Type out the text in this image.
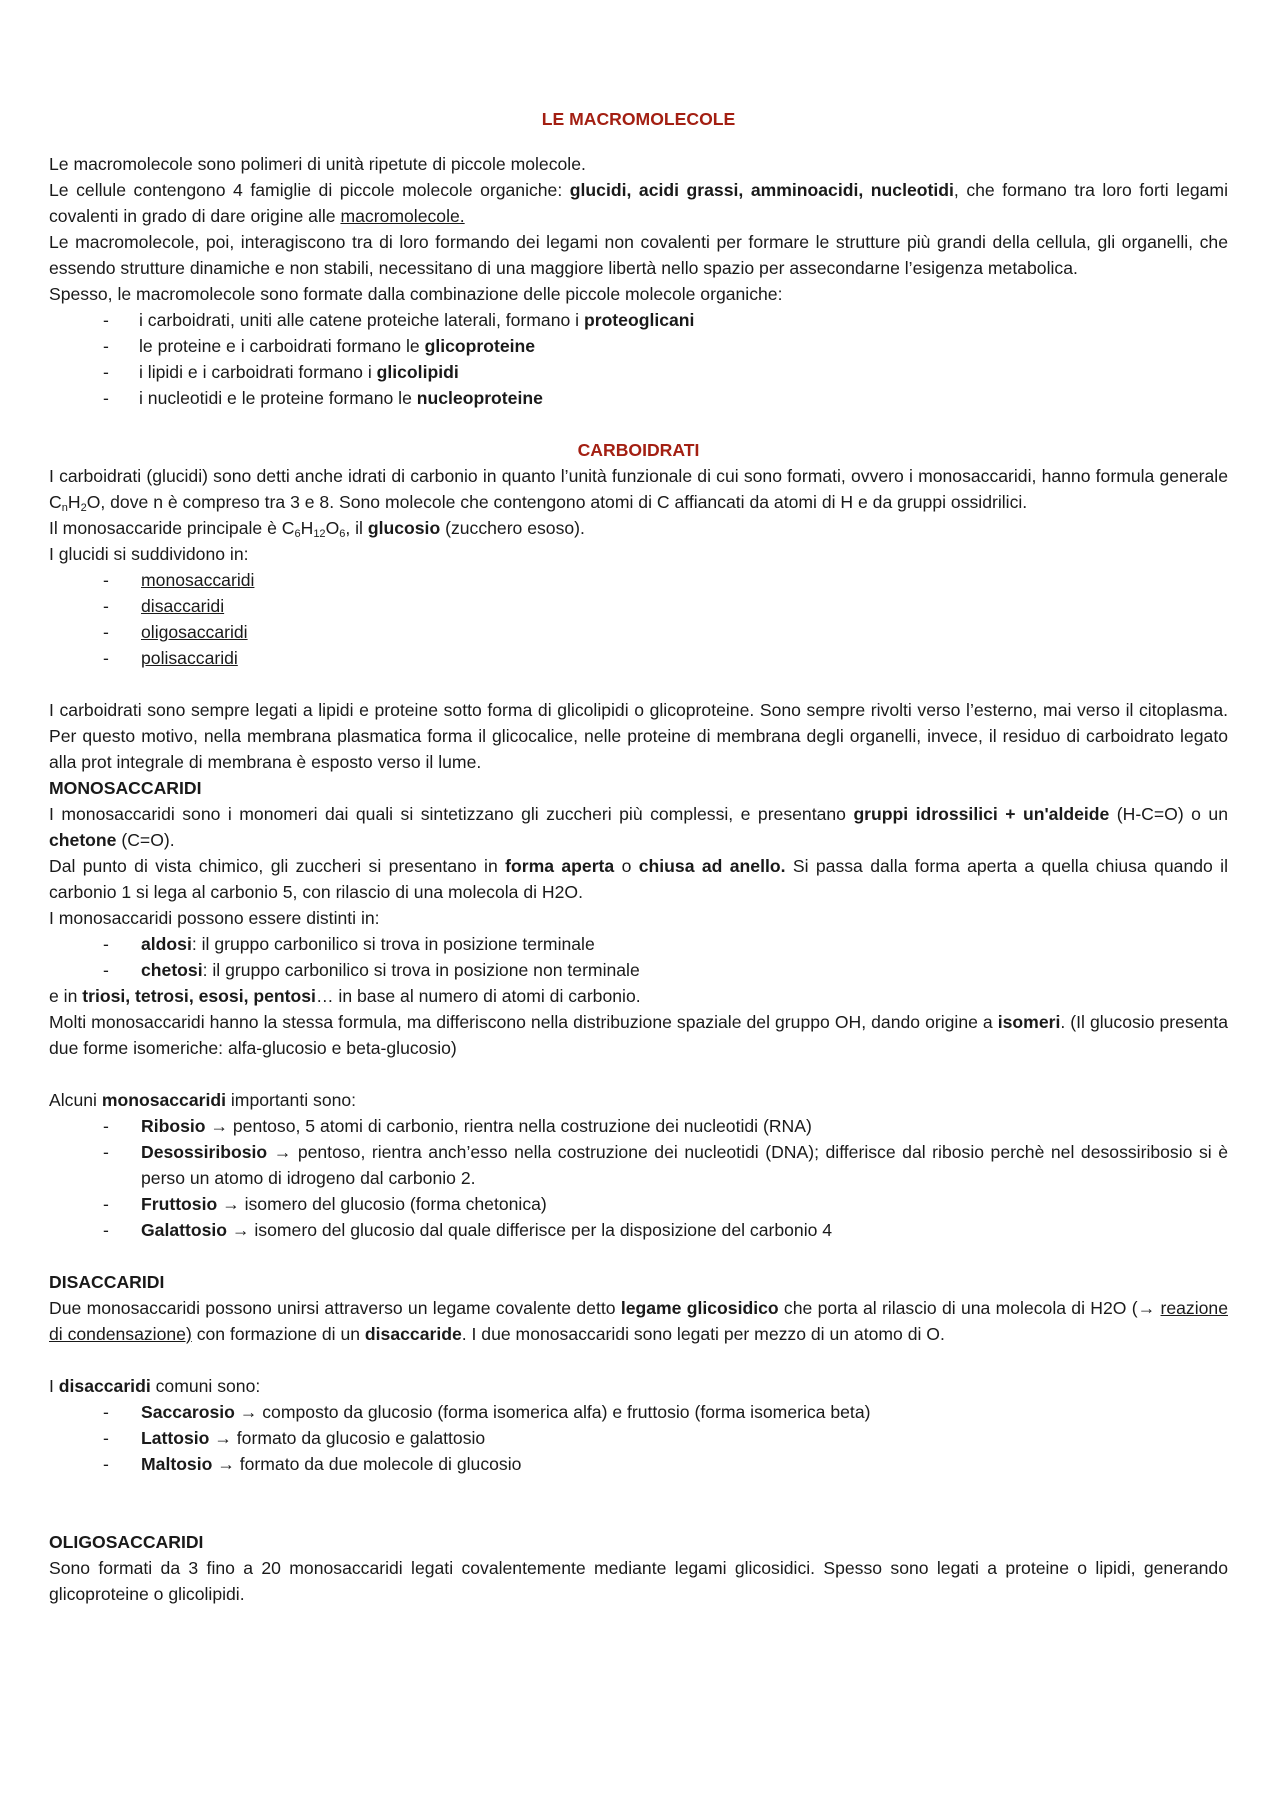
LE MACROMOLECOLE

Le macromolecole sono polimeri di unità ripetute di piccole molecole.

Le cellule contengono 4 famiglie di piccole molecole organiche: glucidi, acidi grassi, amminoacidi, nucleotidi, che formano tra loro forti legami covalenti in grado di dare origine alle macromolecole.

Le macromolecole, poi, interagiscono tra di loro formando dei legami non covalenti per formare le strutture più grandi della cellula, gli organelli, che essendo strutture dinamiche e non stabili, necessitano di una maggiore libertà nello spazio per assecondarne l’esigenza metabolica.

Spesso, le macromolecole sono formate dalla combinazione delle piccole molecole organiche:

- i carboidrati, uniti alle catene proteiche laterali, formano i proteoglicani
- le proteine e i carboidrati formano le glicoproteine
- i lipidi e i carboidrati formano i glicolipidi
- i nucleotidi e le proteine formano le nucleoproteine
CARBOIDRATI

I carboidrati (glucidi) sono detti anche idrati di carbonio in quanto l’unità funzionale di cui sono formati, ovvero i monosaccaridi, hanno formula generale $C_nH_2O$, dove n è compreso tra 3 e 8. Sono molecole che contengono atomi di C affiancati da atomi di H e da gruppi ossidrilici.

Il monosaccaride principale è $C_6H_{12}O_6$, il glucosio (zucchero esoso).

I glucidi si suddividono in:

- monosaccaridi
- disaccaridi
- oligosaccaridi
- polisaccaridi

I carboidrati sono sempre legati a lipidi e proteine sotto forma di glicolipidi o glicoproteine. Sono sempre rivolti verso l’esterno, mai verso il citoplasma. Per questo motivo, nella membrana plasmatica forma il glicocalice, nelle proteine di membrana degli organelli, invece, il residuo di carboidrato legato alla prot integrale di membrana è esposto verso il lume.

MONOSACCARIDI

I monosaccaridi sono i monomeri dai quali si sintetizzano gli zuccheri più complessi, e presentano gruppi idrossilici + un'aldeide (H-C=O) o un chetone (C=O).

Dal punto di vista chimico, gli zuccheri si presentano in forma aperta o chiusa ad anello. Si passa dalla forma aperta a quella chiusa quando il carbonio 1 si lega al carbonio 5, con rilascio di una molecola di H2O.

I monosaccaridi possono essere distinti in:

- aldosi: il gruppo carbonilico si trova in posizione terminale
- chetosi: il gruppo carbonilico si trova in posizione non terminale

e in triosi, tetrosi, esosi, pentosi… in base al numero di atomi di carbonio.

Molti monosaccaridi hanno la stessa formula, ma differiscono nella distribuzione spaziale del gruppo OH, dando origine a isomeri. (Il glucosio presenta due forme isomeriche: alfa-glucosio e beta-glucosio)

Alcuni monosaccaridi importanti sono:

- Ribosio → pentoso, 5 atomi di carbonio, rientra nella costruzione dei nucleotidi (RNA)
- Desossiribosio → pentoso, rientra anch’esso nella costruzione dei nucleotidi (DNA); differisce dal ribosio perchè nel desossiribosio si è perso un atomo di idrogeno dal carbonio 2.
- Fruttosio → isomero del glucosio (forma chetonica)
- Galattosio → isomero del glucosio dal quale differisce per la disposizione del carbonio 4
DISACCARIDI

Due monosaccaridi possono unirsi attraverso un legame covalente detto legame glicosidico che porta al rilascio di una molecola di H2O (→ reazione di condensazione) con formazione di un disaccaride. I due monosaccaridi sono legati per mezzo di un atomo di O.

I disaccaridi comuni sono:

- Saccarosio → composto da glucosio (forma isomerica alfa) e fruttosio (forma isomerica beta)
- Lattosio → formato da glucosio e galattosio
- Maltosio → formato da due molecole di glucosio
OLIGOSACCARIDI

Sono formati da 3 fino a 20 monosaccaridi legati covalentemente mediante legami glicosidici. Spesso sono legati a proteine o lipidi, generando glicoproteine o glicolipidi.
